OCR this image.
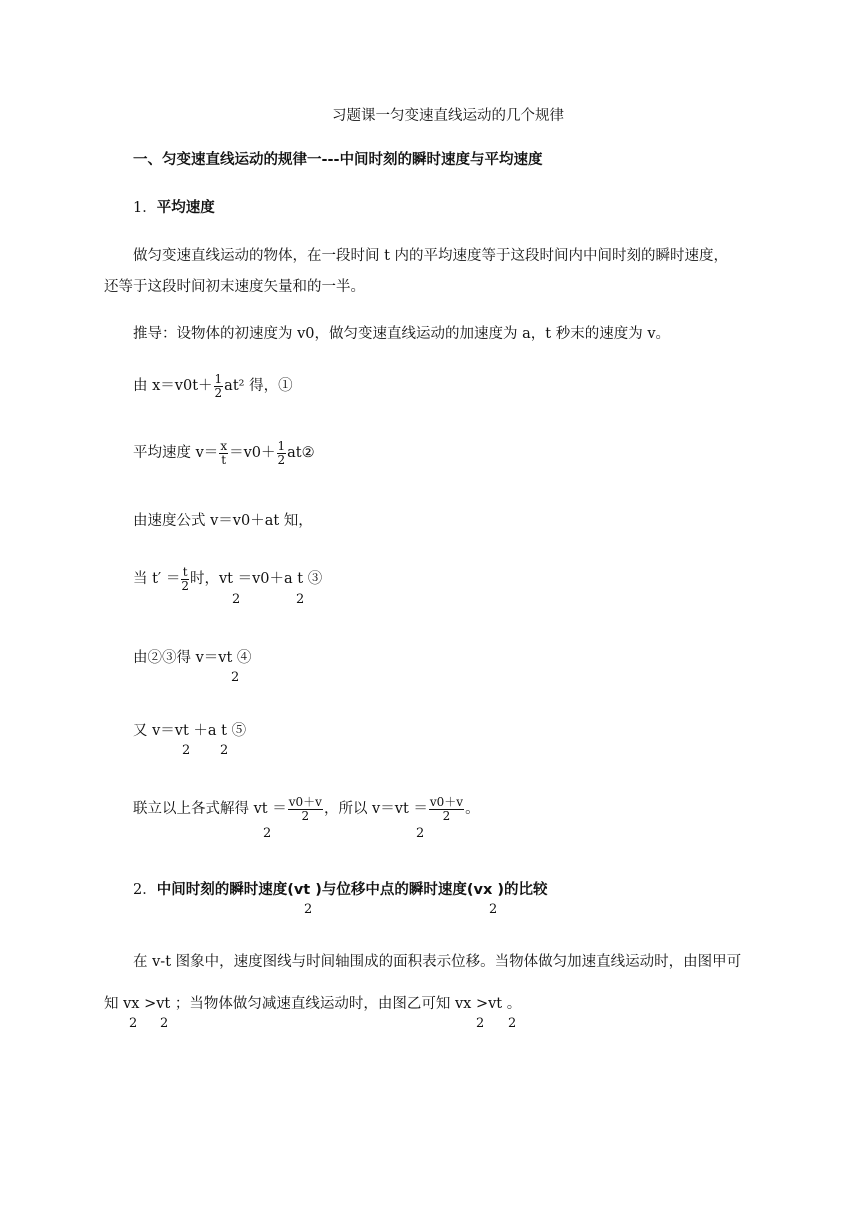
习题课一匀变速直线运动的几个规律
一、匀变速直线运动的规律一---中间时刻的瞬时速度与平均速度
1．平均速度
做匀变速直线运动的物体，在一段时间 t 内的平均速度等于这段时间内中间时刻的瞬时速度，
还等于这段时间初末速度矢量和的一半。
推导：设物体的初速度为 v0，做匀变速直线运动的加速度为 a，t 秒末的速度为 v。
由 $x=v0t+ \frac{1}{2} at^2$ 得，①
平均速度 $v= \frac{x}{t} =v0+ \frac{1}{2}$ at②
由速度公式 v＝v0＋at 知，
当 $t' = \frac{t}{2}$ 时，vt ＝v0＋a t ③
2	2
由②③得 v＝vt ④
2
又 v＝vt ＋a t ⑤
2 2
联立以上各式解得 vt ＝ $\frac{v0+v}{2}$ ，所以 $v=vt = \frac{v0+v}{2}$ 。
2	2
2．中间时刻的瞬时速度(vt )与位移中点的瞬时速度(vx )的比较
2	2
在 v-t 图象中，速度图线与时间轴围成的面积表示位移。当物体做匀加速直线运动时，由图甲可
知 vx >vt ；当物体做匀减速直线运动时，由图乙可知 vx >vt 。
2 2	2 2
